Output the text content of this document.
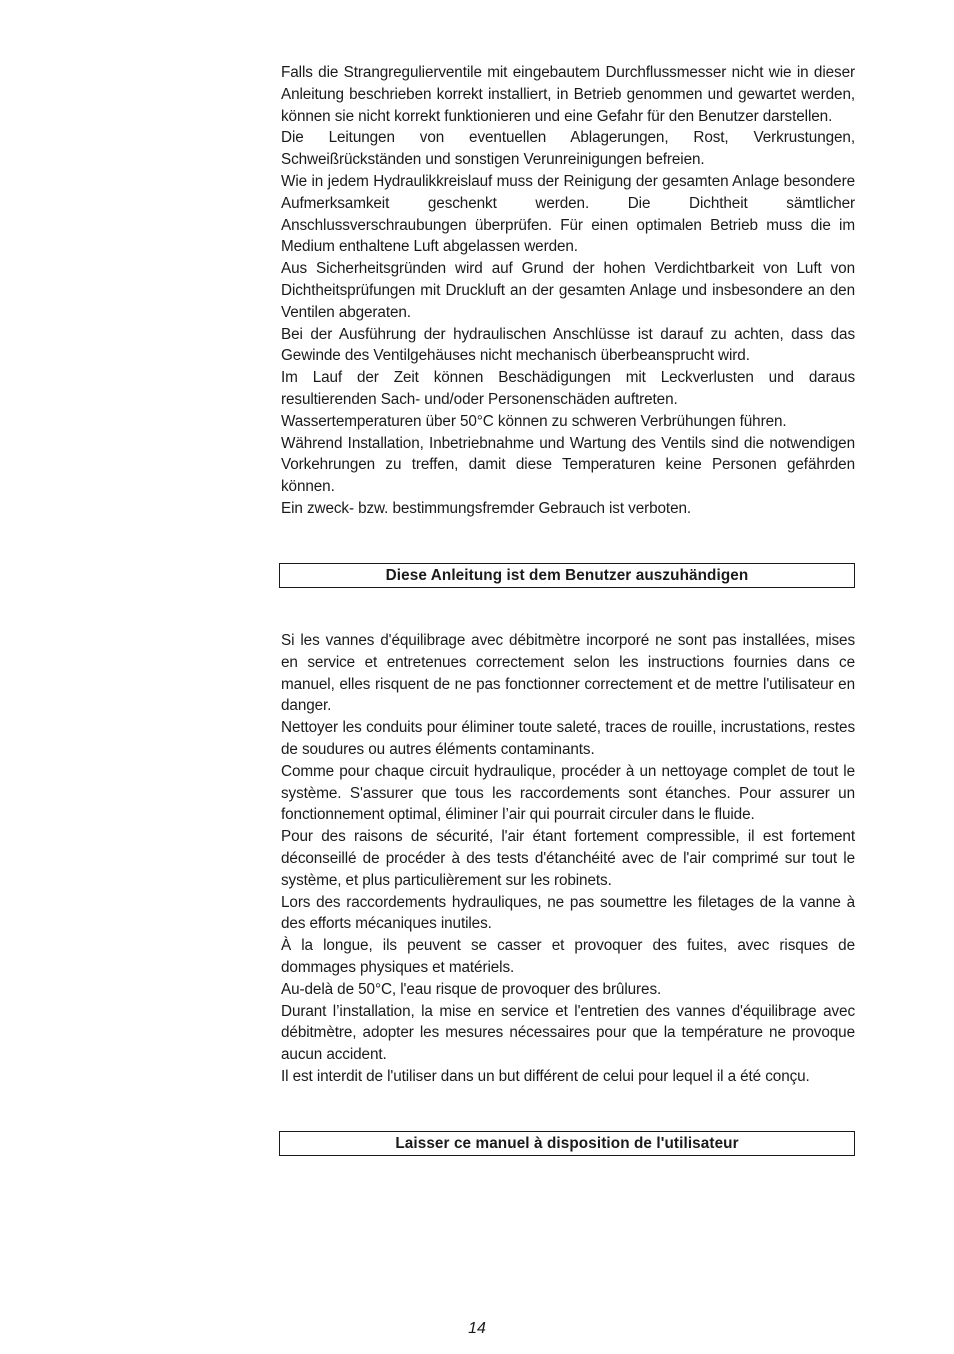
Falls die Strangregulierventile mit eingebautem Durchflussmesser nicht wie in dieser Anleitung beschrieben korrekt installiert, in Betrieb genommen und gewartet werden, können sie nicht korrekt funktionieren und eine Gefahr für den Benutzer darstellen.

Die Leitungen von eventuellen Ablagerungen, Rost, Verkrustungen, Schweißrückständen und sonstigen Verunreinigungen befreien.

Wie in jedem Hydraulikkreislauf muss der Reinigung der gesamten Anlage besondere Aufmerksamkeit geschenkt werden. Die Dichtheit sämtlicher Anschlussverschraubungen überprüfen. Für einen optimalen Betrieb muss die im Medium enthaltene Luft abgelassen werden.

Aus Sicherheitsgründen wird auf Grund der hohen Verdichtbarkeit von Luft von Dichtheitsprüfungen mit Druckluft an der gesamten Anlage und insbesondere an den Ventilen abgeraten.

Bei der Ausführung der hydraulischen Anschlüsse ist darauf zu achten, dass das Gewinde des Ventilgehäuses nicht mechanisch überbeansprucht wird.

Im Lauf der Zeit können Beschädigungen mit Leckverlusten und daraus resultierenden Sach- und/oder Personenschäden auftreten.

Wassertemperaturen über 50°C können zu schweren Verbrühungen führen.

Während Installation, Inbetriebnahme und Wartung des Ventils sind die notwendigen Vorkehrungen zu treffen, damit diese Temperaturen keine Personen gefährden können.

Ein zweck- bzw. bestimmungsfremder Gebrauch ist verboten.

Diese Anleitung ist dem Benutzer auszuhändigen

Si les vannes d'équilibrage avec débitmètre incorporé ne sont pas installées, mises en service et entretenues correctement selon les instructions fournies dans ce manuel, elles risquent de ne pas fonctionner correctement et de mettre l'utilisateur en danger.

Nettoyer les conduits pour éliminer toute saleté, traces de rouille, incrustations, restes de soudures ou autres éléments contaminants.

Comme pour chaque circuit hydraulique, procéder à un nettoyage complet de tout le système. S'assurer que tous les raccordements sont étanches. Pour assurer un fonctionnement optimal, éliminer l’air qui pourrait circuler dans le fluide.

Pour des raisons de sécurité, l'air étant fortement compressible, il est fortement déconseillé de procéder à des tests d'étanchéité avec de l'air comprimé sur tout le système, et plus particulièrement sur les robinets.

Lors des raccordements hydrauliques, ne pas soumettre les filetages de la vanne à des efforts mécaniques inutiles.

À la longue, ils peuvent se casser et provoquer des fuites, avec risques de dommages physiques et matériels.

Au-delà de 50°C, l'eau risque de provoquer des brûlures.

Durant l’installation, la mise en service et l'entretien des vannes d'équilibrage avec débitmètre, adopter les mesures nécessaires pour que la température ne provoque aucun accident.

Il est interdit de l'utiliser dans un but différent de celui pour lequel il a été conçu.

Laisser ce manuel à disposition de l'utilisateur
14
